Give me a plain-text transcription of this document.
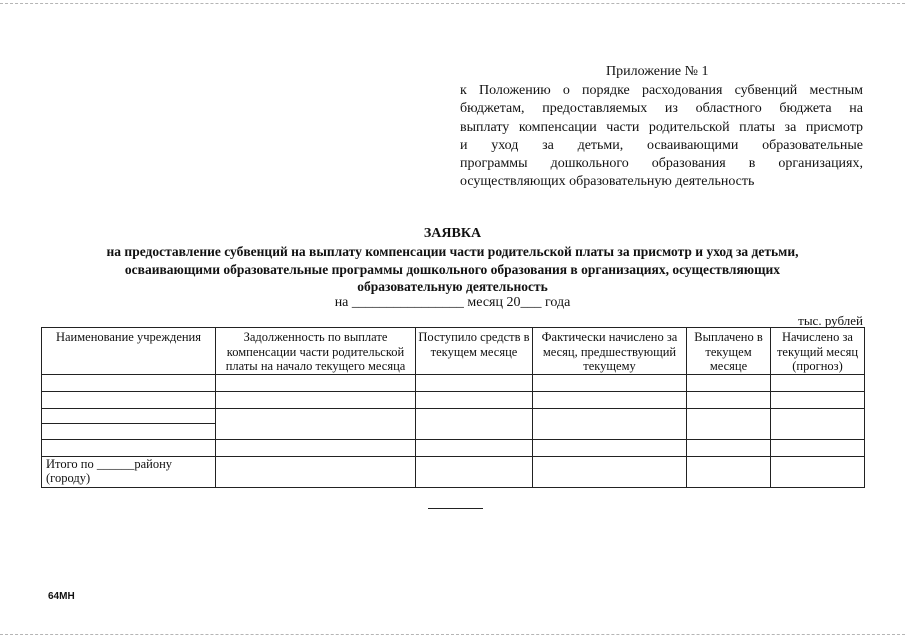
Приложение № 1
к Положению о порядке расходования субвенций местным
бюджетам, предоставляемых из областного бюджета на
выплату компенсации части родительской платы за присмотр
и уход за детьми, осваивающими образовательные
программы дошкольного образования в организациях,
осуществляющих образовательную деятельность
ЗАЯВКА
на предоставление субвенций на выплату компенсации части родительской платы за присмотр и уход за детьми,
осваивающими образовательные программы дошкольного образования в организациях, осуществляющих
образовательную деятельность
на ________________ месяц 20___ года
тыс. рублей
Наименование учреждения	Задолженность по выплате компенсации части родительской платы на начало текущего месяца	Поступило средств в текущем месяце	Фактически начислено за месяц, предшествующий текущему	Выплачено в текущем месяце	Начислено за текущий месяц (прогноз)

Итого по ______району (городу)					
64МН
